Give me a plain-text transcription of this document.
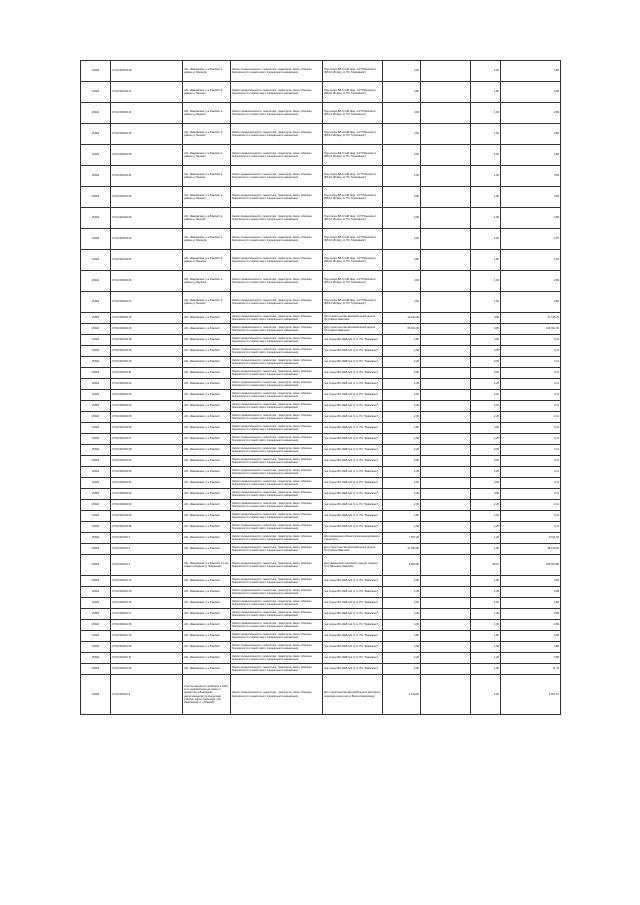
Vbbbb	37:04:000203:18	обл. Ивановская, р-н Южский, в районе д. Бронкуа	Земли промышленности, энергетики, транспорта, связи, обороны, безопасности и земли иного специального назначения	Под опоры ВЛ-0,4 кВ фид. 1 КТП Быхово-2 (ВЛ-10 кВ фид. от ПС "Крапивное")	3,00		1,00	0,89
Vbbbb	37:04:000203:17	обл. Ивановская, р-н Южский, в районе д. Быхово	Земли промышленности, энергетики, транспорта, связи, обороны, безопасности и земли иного специального назначения	Под опоры ВЛ-0,4 кВ фид. 1 КТП Быхово-2 (ВЛ-10 кВ фид. от ПС "Крапивное")	3,00		1,00	0,89
Vbbbb	37:04:000203:16	обл. Ивановская, р-н Южский, в районе д. Быхово	Земли промышленности, энергетики, транспорта, связи, обороны, безопасности и земли иного специального назначения	Под опоры ВЛ-0,4 кВ фид. 1 КТП Быхово-2 (ВЛ-10 кВ фид. от ПС "Крапивное")	3,00		1,00	0,89
Vbbbb	37:04:000203:15	обл. Ивановская, р-н Южский, в районе д. Быхово	Земли промышленности, энергетики, транспорта, связи, обороны, безопасности и земли иного специального назначения	Под опоры ВЛ-0,4 кВ фид. 1 КТП Быхово-2 (ВЛ-10 кВ фид. от ПС "Крапивное")	3,00		1,00	0,89
Vbbbb	37:04:000203:20	обл. Ивановская, р-н Южский, в районе д. Быхово	Земли промышленности, энергетики, транспорта, связи, обороны, безопасности и земли иного специального назначения	Под опоры ВЛ-0,4 кВ фид. 1 КТП Быхово-2 (ВЛ-10 кВ фид. от ПС "Крапивное")	3,00		1,00	0,89
Vbbbb	37:04:000203:21	обл. Ивановская, р-н Южский, в районе д. Быхово	Земли промышленности, энергетики, транспорта, связи, обороны, безопасности и земли иного специального назначения	Под опоры ВЛ-0,4 кВ фид. 1 КТП Быхово-2 (ВЛ-10 кВ фид. от ПС "Крапивное")	3,00		1,00	0,89
Vbbbb	37:04:000203:22	обл. Ивановская, р-н Южский, в районе д. Быхово	Земли промышленности, энергетики, транспорта, связи, обороны, безопасности и земли иного специального назначения	Под опоры ВЛ-0,4 кВ фид. 1 КТП Быхово-2 (ВЛ-10 кВ фид. от ПС "Крапивное")	3,00		1,00	0,89
Vbbbb	37:04:000203:23	обл. Ивановская, р-н Южский, в районе д. Быхово	Земли промышленности, энергетики, транспорта, связи, обороны, безопасности и земли иного специального назначения	Под опоры ВЛ-0,4 кВ фид. 1 КТП Быхово-2 (ВЛ-10 кВ фид. от ПС "Крапивное")	3,00		1,00	0,89
Vbbbb	37:04:000203:24	обл. Ивановская, р-н Южский, в районе д. Бронкуа	Земли промышленности, энергетики, транспорта, связи, обороны, безопасности и земли иного специального назначения	Под опоры ВЛ-0,4 кВ фид. 1 КТП Быхово-2 (ВЛ-10 кВ фид. от ПС "Крапивное")	3,00		1,00	4,75
Vbbbb	37:04:000203:25	обл. Ивановская, р-н Южский, в районе д. Бронкуа	Земли промышленности, энергетики, транспорта, связи, обороны, безопасности и земли иного специального назначения	Под опоры ВЛ-0,4 кВ фид. 1 КТП Быхово-2 (ВЛ-10 кВ фид. от ПС "Крапивное")	3,00		1,00	4,81
Vbbbb	37:04:000203:26	обл. Ивановская, р-н Южский, в районе д. Бронкуа	Земли промышленности, энергетики, транспорта, связи, обороны, безопасности и земли иного специального назначения	Под опоры ВЛ-0,4 кВ фид. 1 КТП Быхово-2 (ВЛ-10 кВ фид. от ПС "Крапивное")	3,00		1,00	0,89
Vbbbb	37:04:000203:27	обл. Ивановская, р-н Южский, в районе д. Быхово	Земли промышленности, энергетики, транспорта, связи, обороны, безопасности и земли иного специального назначения	Под опоры ВЛ-0,4 кВ фид. 1 КТП Быхово-2 (ВЛ-10 кВ фид. от ПС "Крапивное")	3,00		1,00	0,89
Vbbbb	37:04:000203:15	обл. Ивановская, р-н Южский	Земли промышленности, энергетики, транспорта, связи, обороны, безопасности и земли иного специального назначения	Для строительства автомобильной дороги Островное-Заволжск	12 144,00		0,05	27 745,75
Vbbbb	37:04:000203:16	обл. Ивановская, р-н Южский	Земли промышленности, энергетики, транспорта, связи, обороны, безопасности и земли иного специального назначения	Для строительства автомобильной дороги Островное-Заволжск	65 464,00		0,05	149 932,46
Vbbbb	37:04:000203:18	обл. Ивановская, р-н Южский	Земли промышленности, энергетики, транспорта, связи, обороны, безопасности и земли иного специального назначения	под опоры ВЛ-10кВ №1 (1 от ПС "Заволжье")	2,00		0,05	0,11
Vbbbb	37:04:000203:18	обл. Ивановская, р-н Южский	Земли промышленности, энергетики, транспорта, связи, обороны, безопасности и земли иного специального назначения	под опоры ВЛ-10кВ №1 (1 от ПС "Заволжье")	2,00		0,05	0,11
Vbbbb	37:04:000203:19	обл. Ивановская, р-н Южский	Земли промышленности, энергетики, транспорта, связи, обороны, безопасности и земли иного специального назначения	под опоры ВЛ-10кВ №1 (1 от ПС "Заволжье")	2,00		0,05	0,11
Vbbbb	37:04:000203:21	обл. Ивановская, р-н Южский	Земли промышленности, энергетики, транспорта, связи, обороны, безопасности и земли иного специального назначения	под опоры ВЛ-10кВ №1 (1 от ПС "Заволжье")	2,00		0,05	0,11
Vbbbb	37:04:000203:22	обл. Ивановская, р-н Южский	Земли промышленности, энергетики, транспорта, связи, обороны, безопасности и земли иного специального назначения	под опоры ВЛ-10кВ №1 (1 от ПС "Заволжье")	2,00		2,20	0,11
Vbbbb	37:04:000203:23	обл. Ивановская, р-н Южский	Земли промышленности, энергетики, транспорта, связи, обороны, безопасности и земли иного специального назначения	под опоры ВЛ-10кВ №1 (1 от ПС "Заволжье")	2,00		2,20	0,11
Vbbbb	37:04:000203:24	обл. Ивановская, р-н Южский	Земли промышленности, энергетики, транспорта, связи, обороны, безопасности и земли иного специального назначения	под опоры ВЛ-10кВ №1 (1 от ПС "Заволжье")	2,00		2,20	0,11
Vbbbb	37:04:000203:25	обл. Ивановская, р-н Южский	Земли промышленности, энергетики, транспорта, связи, обороны, безопасности и земли иного специального назначения	под опоры ВЛ-10кВ №1 (1 от ПС "Заволжье")	2,00		2,20	0,11
Vbbbb	37:04:000203:26	обл. Ивановская, р-н Южский	Земли промышленности, энергетики, транспорта, связи, обороны, безопасности и земли иного специального назначения	под опоры ВЛ-10кВ №1 (1 от ПС "Заволжье")	2,00		0,05	0,11
Vbbbb	37:04:000203:27	обл. Ивановская, р-н Южский	Земли промышленности, энергетики, транспорта, связи, обороны, безопасности и земли иного специального назначения	под опоры ВЛ-10кВ №1 (1 от ПС "Заволжье")	2,00		2,20	0,11
Vbbbb	37:04:000203:28	обл. Ивановская, р-н Южский	Земли промышленности, энергетики, транспорта, связи, обороны, безопасности и земли иного специального назначения	под опоры ВЛ-10кВ №1 (1 от ПС "Заволжье")	2,00		0,05	0,11
Vbbbb	37:04:000203:29	обл. Ивановская, р-н Южский	Земли промышленности, энергетики, транспорта, связи, обороны, безопасности и земли иного специального назначения	под опоры ВЛ-10кВ №1 (1 от ПС "Заволжье")	2,00		0,05	0,11
Vbbbb	37:04:000203:30	обл. Ивановская, р-н Южский	Земли промышленности, энергетики, транспорта, связи, обороны, безопасности и земли иного специального назначения	под опоры ВЛ-10кВ №1 (1 от ПС "Заволжье")	2,00		0,05	0,11
Vbbbb	37:04:000203:31	обл. Ивановская, р-н Южский	Земли промышленности, энергетики, транспорта, связи, обороны, безопасности и земли иного специального назначения	под опоры ВЛ-10кВ №1 (1 от ПС "Заволжье")	2,00		0,05	0,11
Vbbbb	37:04:000203:32	обл. Ивановская, р-н Южский	Земли промышленности, энергетики, транспорта, связи, обороны, безопасности и земли иного специального назначения	под опоры ВЛ-10кВ №1 (1 от ПС "Заволжье")	2,00		0,05	0,11
Vbbbb	37:04:000203:33	обл. Ивановская, р-н Южский	Земли промышленности, энергетики, транспорта, связи, обороны, безопасности и земли иного специального назначения	под опоры ВЛ-10кВ №1 (1 от ПС "Заволжье")	2,00		2,20	0,11
Vbbbb	37:04:000203:34	обл. Ивановская, р-н Южский	Земли промышленности, энергетики, транспорта, связи, обороны, безопасности и земли иного специального назначения	под опоры ВЛ-10кВ №1 (1 от ПС "Заволжье")	2,00		2,20	0,11
Vbbbb	37:04:000203:35	обл. Ивановская, р-н Южский	Земли промышленности, энергетики, транспорта, связи, обороны, безопасности и земли иного специального назначения	под опоры ВЛ-10кВ №1 (1 от ПС "Заволжье")	2,00		2,20	0,11
Vbbbb	37:04:000203:1	обл. Ивановская, р-н Южский	Земли промышленности, энергетики, транспорта, связи, обороны, безопасности и земли иного специального назначения	Для размещения объектов железнодорожного транспорта	7 667,00		1,00	8 611,53
Vbbbb	37:04:000203:4	обл. Ивановская, р-н Южский	Земли промышленности, энергетики, транспорта, связи, обороны, безопасности и земли иного специального назначения	Для строительства автомобильной дороги Островное-Заволжск	47 993,00		1,00	98 210,26
Vbbbb	37:04:000201:1	обл. Ивановская, р-н Южский, в 1 км северо-западнее д. Фофаново	Земли промышленности, энергетики, транспорта, связи, обороны, безопасности и земли иного специального назначения	Для размещения насосной станции, водного пути Юрьевец-Заволжск	8 304,00		99,97	425 500,80
Vbbbb	37:04:000201:14	обл. Ивановская, р-н Южский	Земли промышленности, энергетики, транспорта, связи, обороны, безопасности и земли иного специального назначения	под опоры ВЛ-10кВ №1 (1 от ПС "Заволжье")	4,00		1,00	0,89
Vbbbb	37:04:000201:15	обл. Ивановская, р-н Южский	Земли промышленности, энергетики, транспорта, связи, обороны, безопасности и земли иного специального назначения	под опоры ВЛ-10кВ №1 (1 от ПС "Заволжье")	4,00		1,00	0,89
Vbbbb	37:04:000201:16	обл. Ивановская, р-н Южский	Земли промышленности, энергетики, транспорта, связи, обороны, безопасности и земли иного специального назначения	под опоры ВЛ-10кВ №1 (1 от ПС "Заволжье")	4,00		1,00	0,89
Vbbbb	37:04:000201:17	обл. Ивановская, р-н Южский	Земли промышленности, энергетики, транспорта, связи, обороны, безопасности и земли иного специального назначения	под опоры ВЛ-10кВ №1 (1 от ПС "Заволжье")	4,00		1,00	0,89
Vbbbb	37:04:000201:18	обл. Ивановская, р-н Южский	Земли промышленности, энергетики, транспорта, связи, обороны, безопасности и земли иного специального назначения	под опоры ВЛ-10кВ №1 (1 от ПС "Заволжье")	4,00		1,00	0,89
Vbbbb	37:04:000201:19	обл. Ивановская, р-н Южский	Земли промышленности, энергетики, транспорта, связи, обороны, безопасности и земли иного специального назначения	под опоры ВЛ-10кВ №1 (1 от ПС "Заволжье")	4,00		1,00	0,89
Vbbbb	37:04:000201:20	обл. Ивановская, р-н Южский	Земли промышленности, энергетики, транспорта, связи, обороны, безопасности и земли иного специального назначения	под опоры ВЛ-10кВ №1 (1 от ПС "Заволжье")	4,00		1,00	0,89
Vbbbb	37:04:000201:21	обл. Ивановская, р-н Южский	Земли промышленности, энергетики, транспорта, связи, обороны, безопасности и земли иного специального назначения	под опоры ВЛ-10кВ №1 (1 от ПС "Заволжье")	4,00		1,00	0,89
Vbbbb	37:04:000201:22	обл. Ивановская, р-н Южский	Земли промышленности, энергетики, транспорта, связи, обороны, безопасности и земли иного специального назначения	под опоры ВЛ-10кВ №1 (1 от ПС "Заволжье")	4,00		1,00	11,70
Vbbbb	37:04:000201:3	Участок находится примерно в 1000 м по направлению на север от ориентира д.Бакланово, расположенного за пределами участка, адрес ориентира: обл. Ивановская, р-н Южский	Земли промышленности, энергетики, транспорта, связи, обороны, безопасности и земли иного специального назначения	Для строительства автомобильного мостового перехода через реку р.Волга (газопровод)	4 130,00		1,00	6 397,97
